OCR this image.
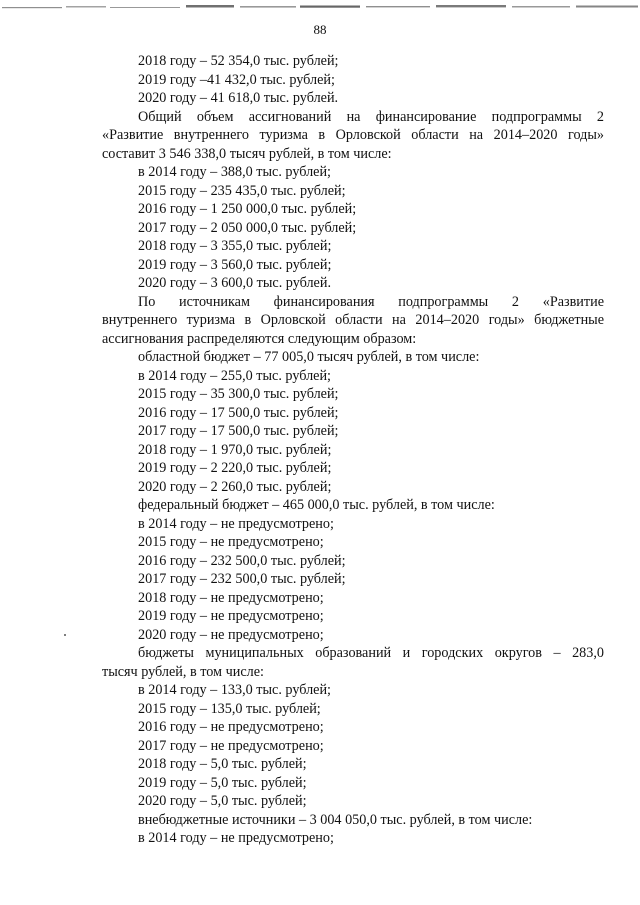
88
2018 году – 52 354,0 тыс. рублей;
2019 году –41 432,0 тыс. рублей;
2020 году – 41 618,0 тыс. рублей.
Общий объем ассигнований на финансирование подпрограммы 2
«Развитие внутреннего туризма в Орловской области на 2014–2020 годы»
составит 3 546 338,0 тысяч рублей, в том числе:
в 2014 году – 388,0 тыс. рублей;
2015 году – 235 435,0 тыс. рублей;
2016 году – 1 250 000,0 тыс. рублей;
2017 году – 2 050 000,0 тыс. рублей;
2018 году – 3 355,0 тыс. рублей;
2019 году – 3 560,0 тыс. рублей;
2020 году – 3 600,0 тыс. рублей.
По источникам финансирования подпрограммы 2 «Развитие
внутреннего туризма в Орловской области на 2014–2020 годы» бюджетные
ассигнования распределяются следующим образом:
областной бюджет – 77 005,0 тысяч рублей, в том числе:
в 2014 году – 255,0 тыс. рублей;
2015 году – 35 300,0 тыс. рублей;
2016 году – 17 500,0 тыс. рублей;
2017 году – 17 500,0 тыс. рублей;
2018 году – 1 970,0 тыс. рублей;
2019 году – 2 220,0 тыс. рублей;
2020 году – 2 260,0 тыс. рублей;
федеральный бюджет – 465 000,0 тыс. рублей, в том числе:
в 2014 году – не предусмотрено;
2015 году – не предусмотрено;
2016 году – 232 500,0 тыс. рублей;
2017 году – 232 500,0 тыс. рублей;
2018 году – не предусмотрено;
2019 году – не предусмотрено;
2020 году – не предусмотрено;
бюджеты муниципальных образований и городских округов – 283,0
тысяч рублей, в том числе:
в 2014 году – 133,0 тыс. рублей;
2015 году – 135,0 тыс. рублей;
2016 году – не предусмотрено;
2017 году – не предусмотрено;
2018 году – 5,0 тыс. рублей;
2019 году – 5,0 тыс. рублей;
2020 году – 5,0 тыс. рублей;
внебюджетные источники – 3 004 050,0 тыс. рублей, в том числе:
в 2014 году – не предусмотрено;
